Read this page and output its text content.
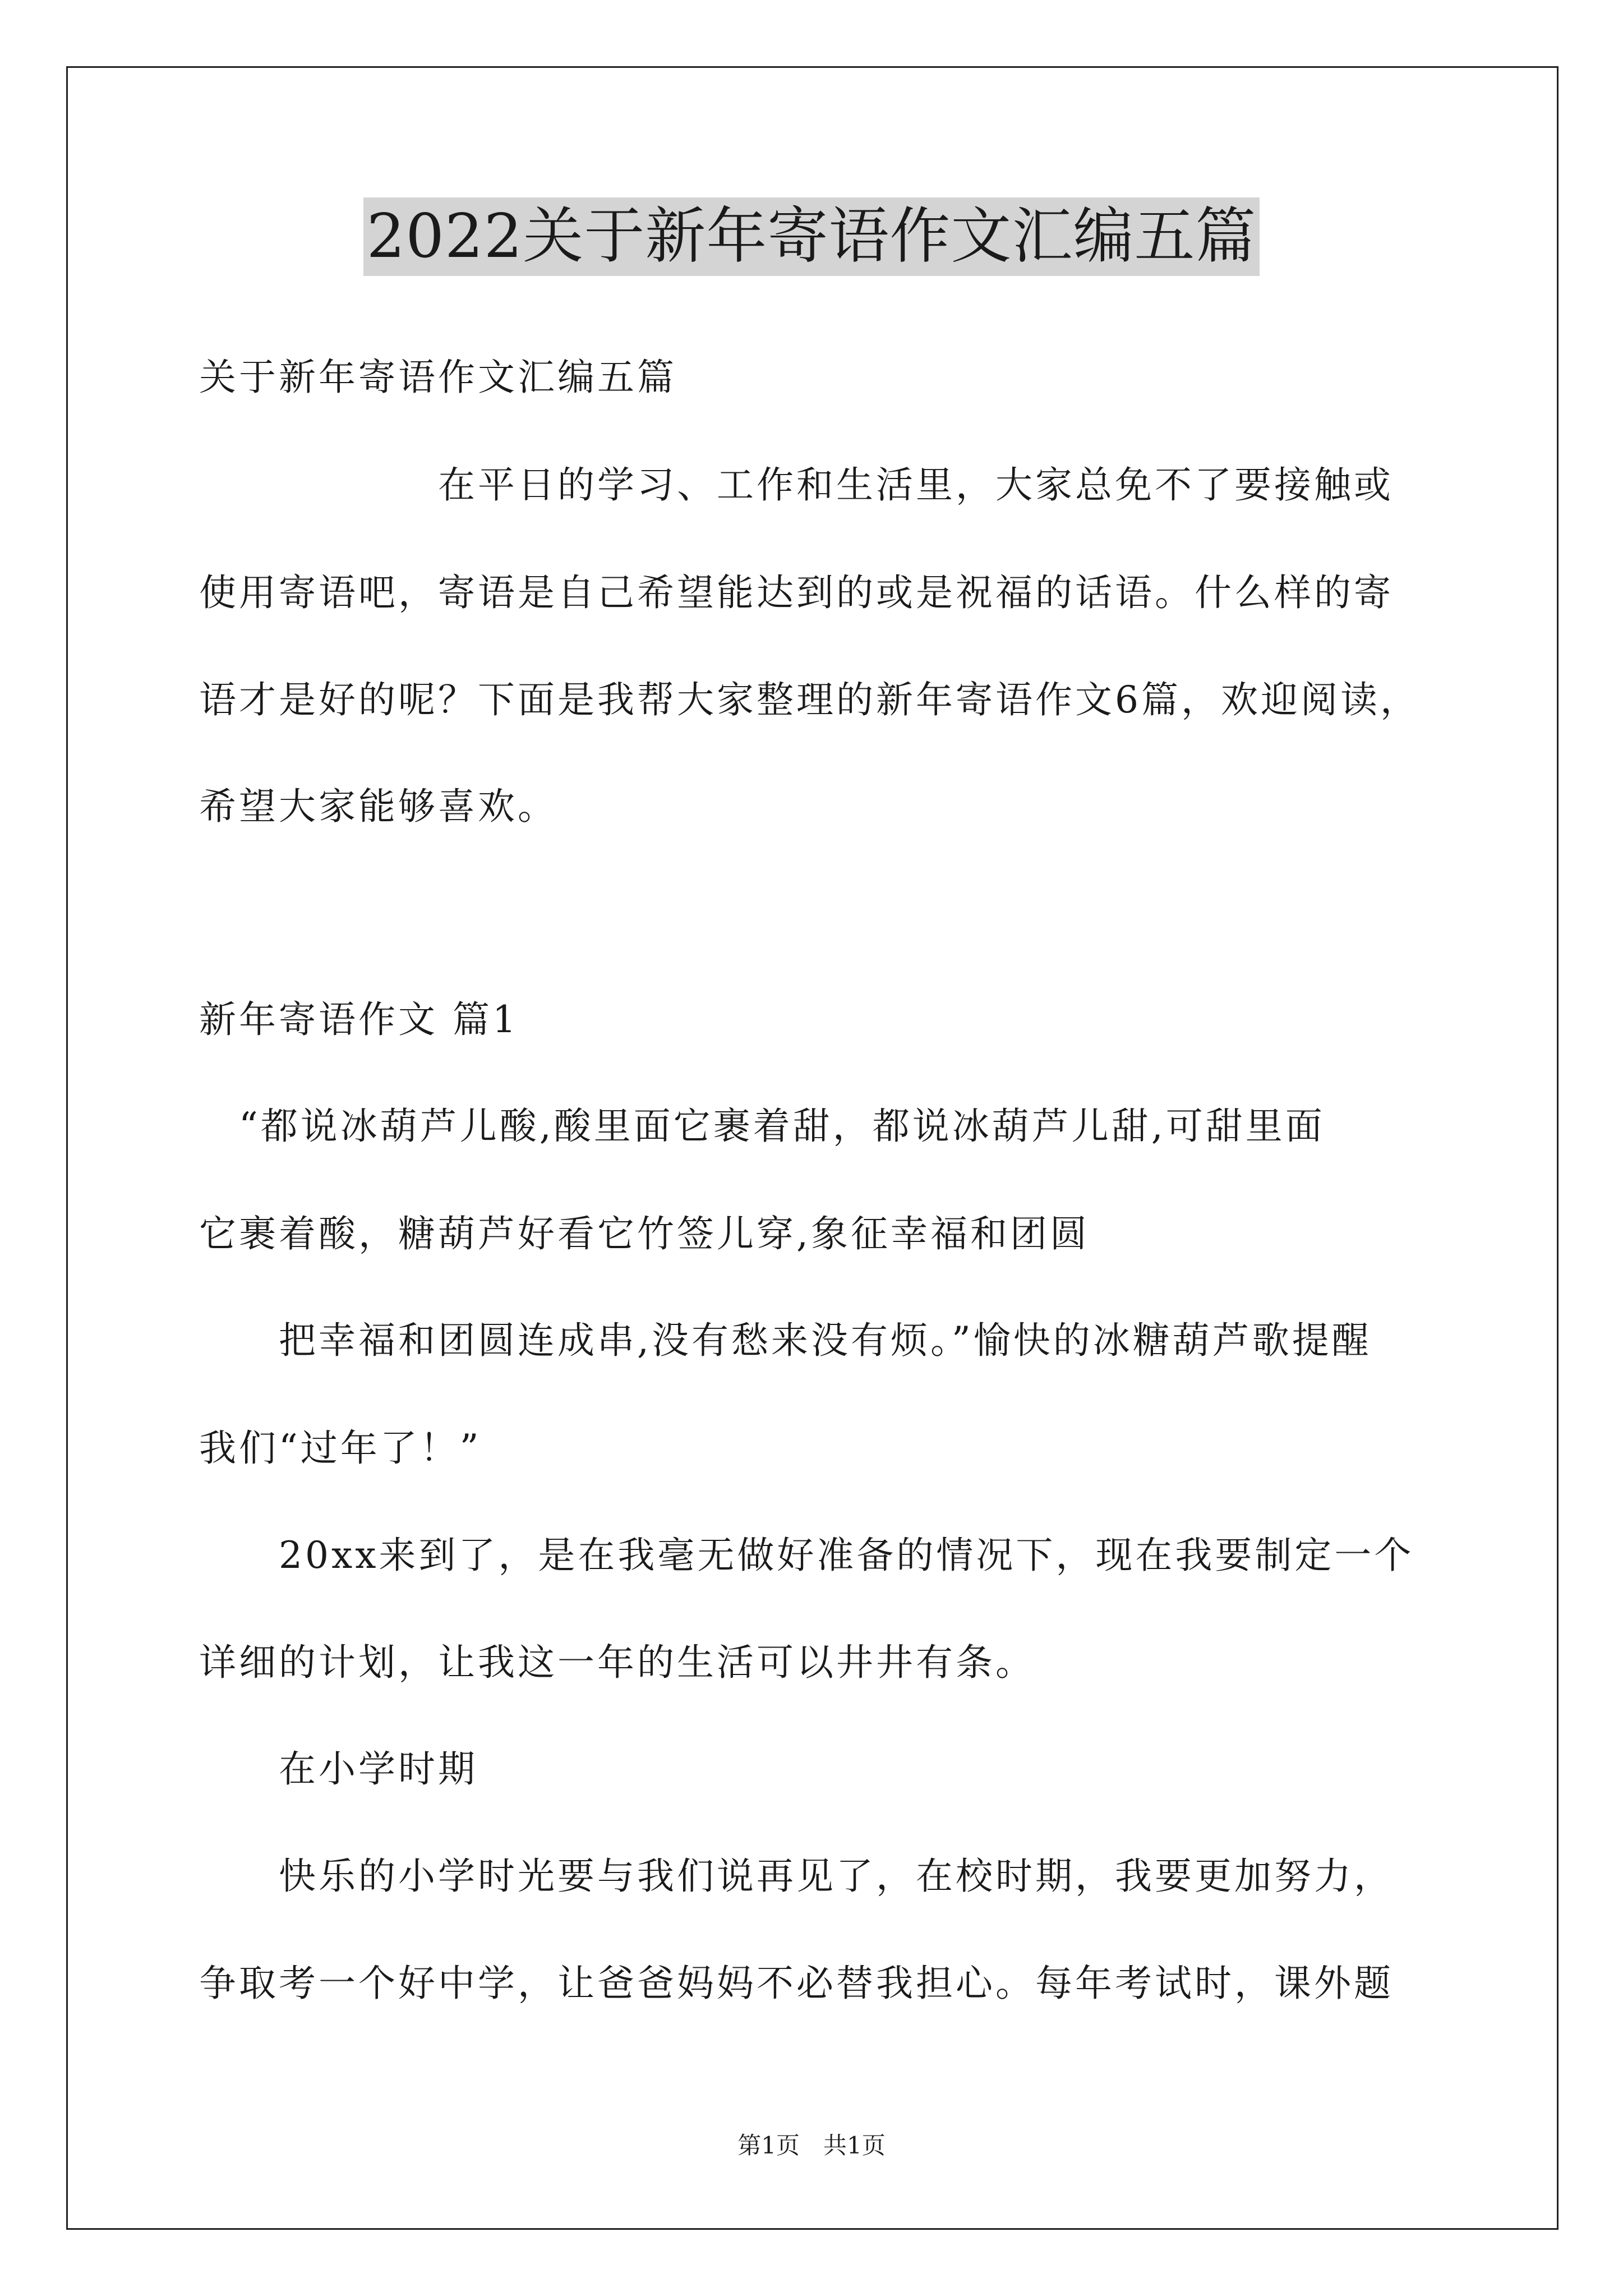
2022关于新年寄语作文汇编五篇
关于新年寄语作文汇编五篇
　　　　　　在平日的学习、工作和生活里，大家总免不了要接触或
使用寄语吧，寄语是自己希望能达到的或是祝福的话语。什么样的寄
语才是好的呢？下面是我帮大家整理的新年寄语作文6篇，欢迎阅读，
希望大家能够喜欢。
新年寄语作文 篇1
　“都说冰葫芦儿酸,酸里面它裹着甜，都说冰葫芦儿甜,可甜里面
它裹着酸，糖葫芦好看它竹签儿穿,象征幸福和团圆
　　把幸福和团圆连成串,没有愁来没有烦。”愉快的冰糖葫芦歌提醒
我们“过年了！”
　　20xx来到了，是在我毫无做好准备的情况下，现在我要制定一个
详细的计划，让我这一年的生活可以井井有条。
　　在小学时期
　　快乐的小学时光要与我们说再见了，在校时期，我要更加努力，
争取考一个好中学，让爸爸妈妈不必替我担心。每年考试时，课外题
第1页　共1页
